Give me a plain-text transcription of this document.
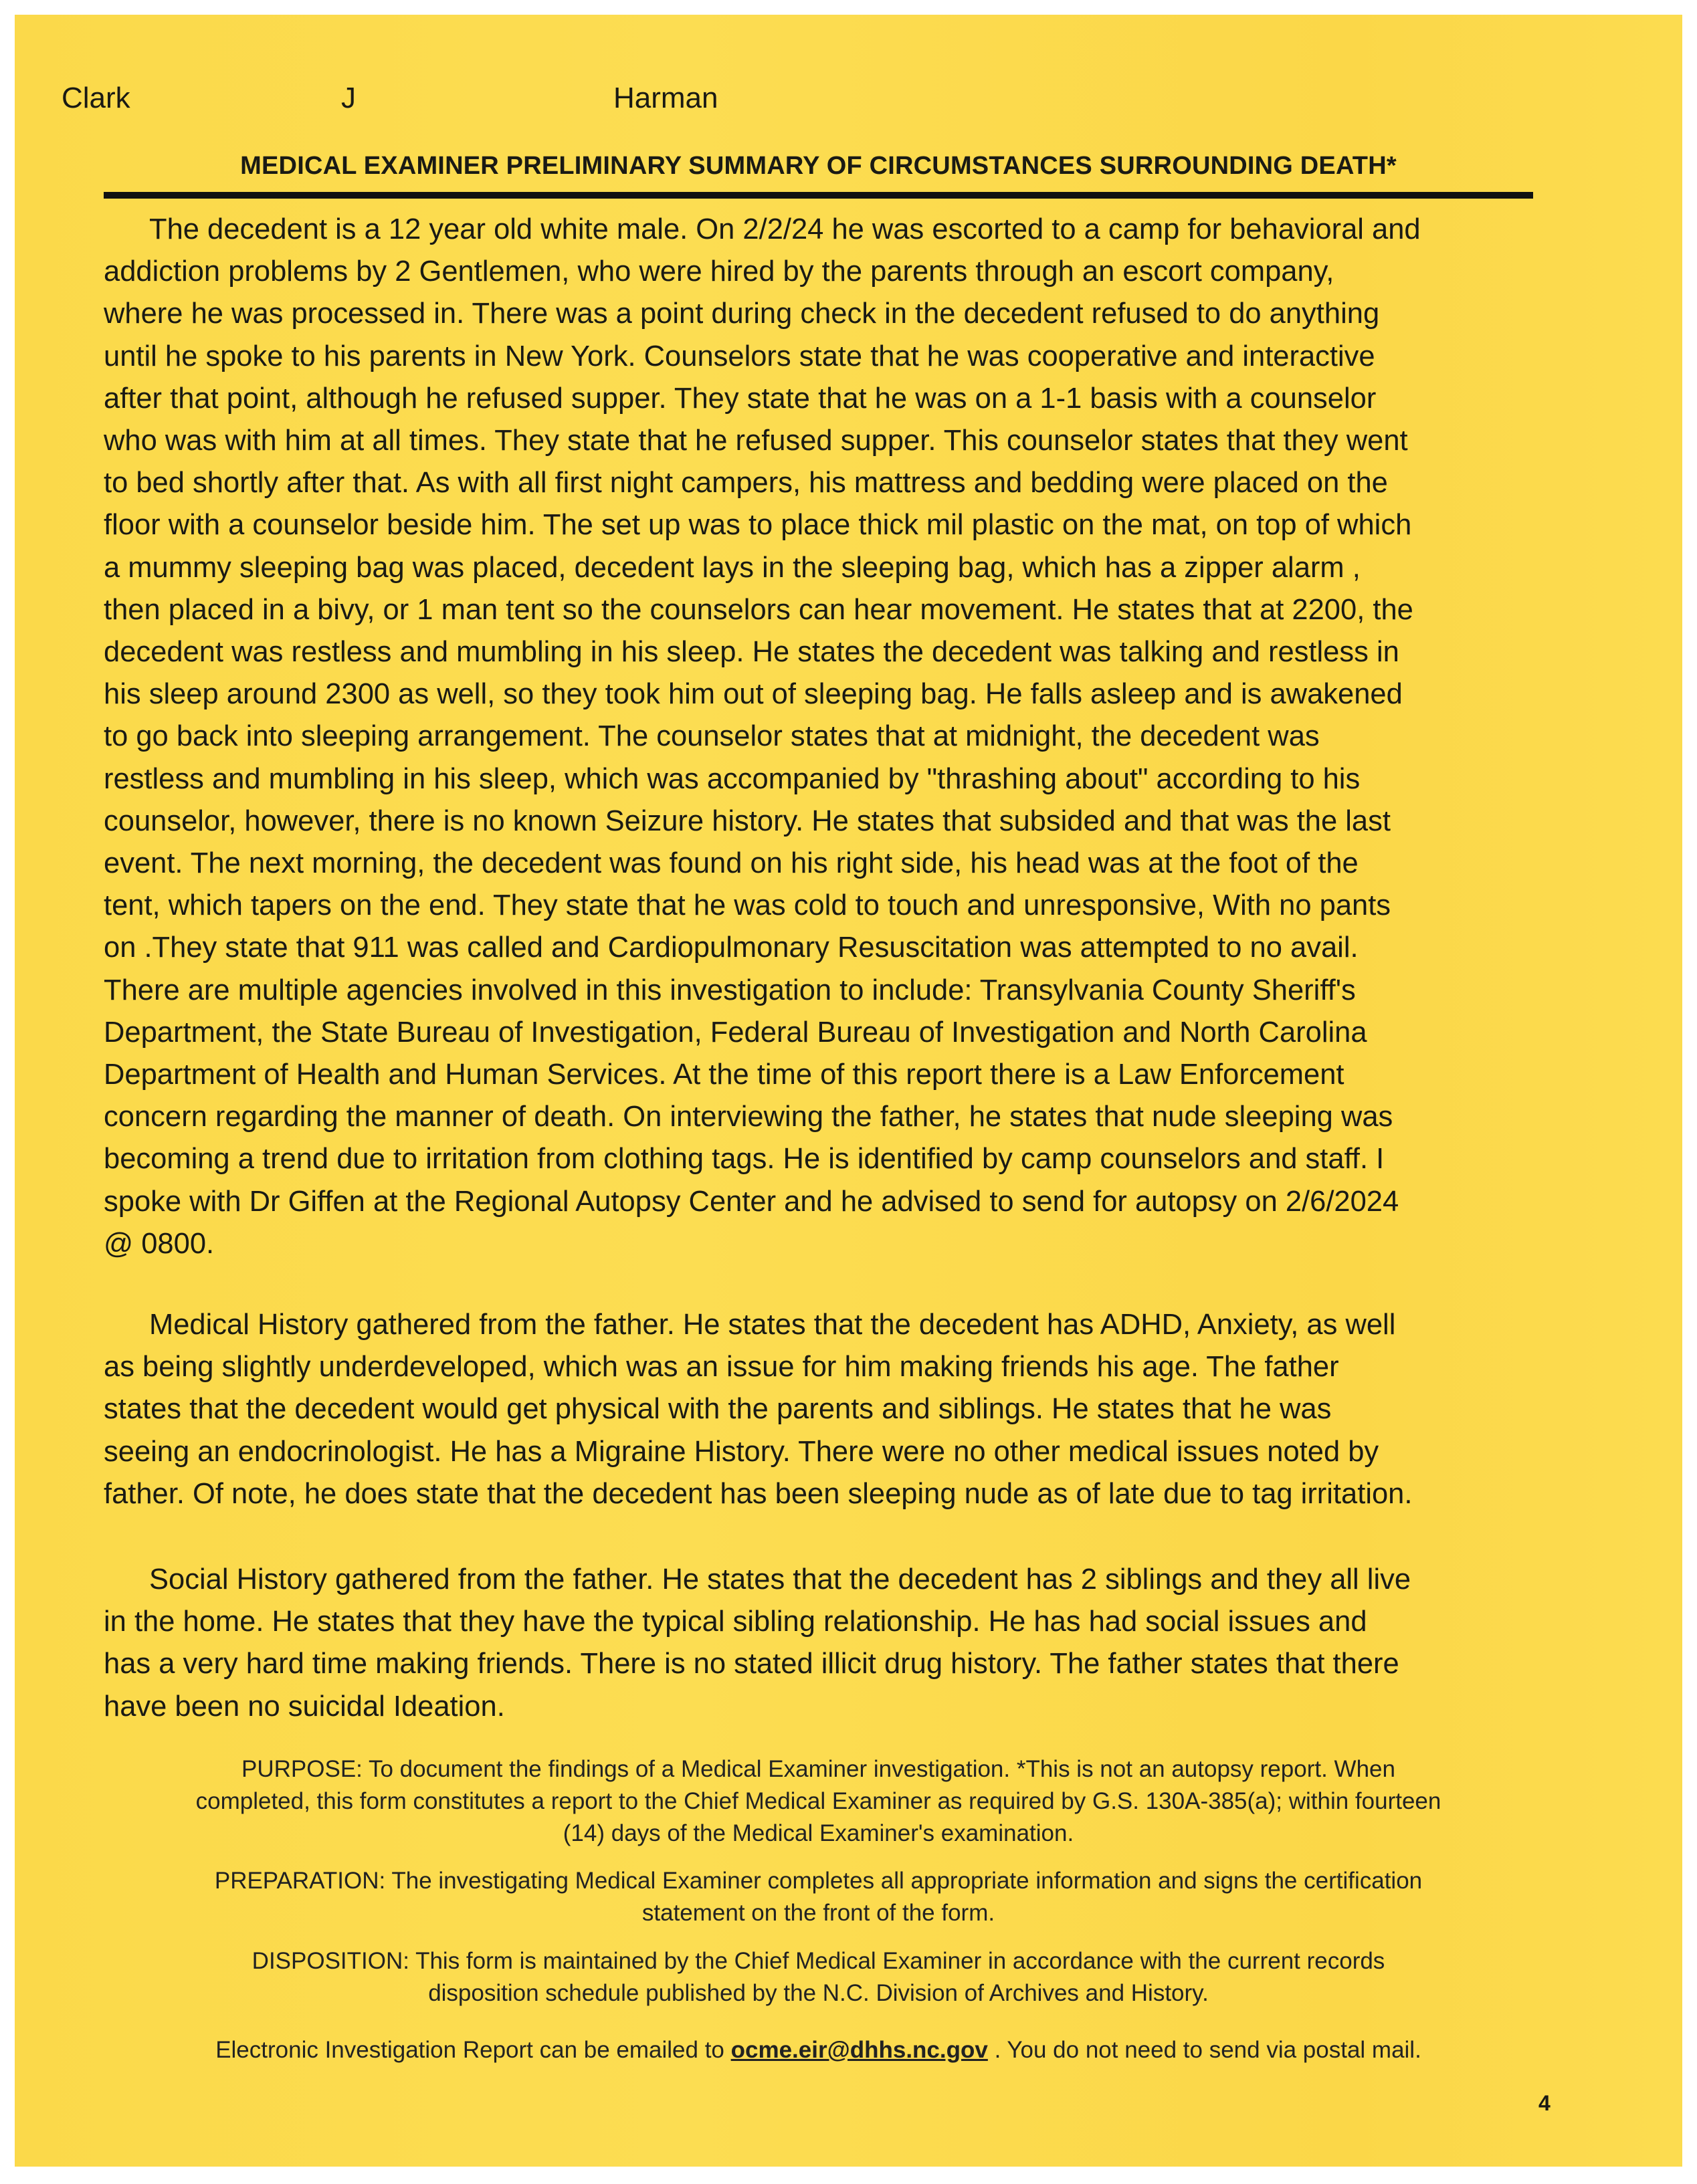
Clark	J	Harman
MEDICAL EXAMINER PRELIMINARY SUMMARY OF CIRCUMSTANCES SURROUNDING DEATH*
The decedent is a 12 year old white male. On 2/2/24 he was escorted to a camp for behavioral and
addiction problems by 2 Gentlemen, who were hired by the parents through an escort company,
where he was processed in. There was a point during check in the decedent refused to do anything
until he spoke to his parents in New York. Counselors state that he was cooperative and interactive
after that point, although he refused supper. They state that he was on a 1-1 basis with a counselor
who was with him at all times. They state that he refused supper. This counselor states that they went
to bed shortly after that. As with all first night campers, his mattress and bedding were placed on the
floor with a counselor beside him. The set up was to place thick mil plastic on the mat, on top of which
a mummy sleeping bag was placed, decedent lays in the sleeping bag, which has a zipper alarm ,
then placed in a bivy, or 1 man tent so the counselors can hear movement. He states that at 2200, the
decedent was restless and mumbling in his sleep. He states the decedent was talking and restless in
his sleep around 2300 as well, so they took him out of sleeping bag. He falls asleep and is awakened
to go back into sleeping arrangement. The counselor states that at midnight, the decedent was
restless and mumbling in his sleep, which was accompanied by "thrashing about" according to his
counselor, however, there is no known Seizure history. He states that subsided and that was the last
event. The next morning, the decedent was found on his right side, his head was at the foot of the
tent, which tapers on the end. They state that he was cold to touch and unresponsive, With no pants
on .They state that 911 was called and Cardiopulmonary Resuscitation was attempted to no avail.
There are multiple agencies involved in this investigation to include: Transylvania County Sheriff's
Department, the State Bureau of Investigation, Federal Bureau of Investigation and North Carolina
Department of Health and Human Services. At the time of this report there is a Law Enforcement
concern regarding the manner of death. On interviewing the father, he states that nude sleeping was
becoming a trend due to irritation from clothing tags. He is identified by camp counselors and staff. I
spoke with Dr Giffen at the Regional Autopsy Center and he advised to send for autopsy on 2/6/2024
@ 0800.
Medical History gathered from the father. He states that the decedent has ADHD, Anxiety, as well
as being slightly underdeveloped, which was an issue for him making friends his age. The father
states that the decedent would get physical with the parents and siblings. He states that he was
seeing an endocrinologist. He has a Migraine History. There were no other medical issues noted by
father. Of note, he does state that the decedent has been sleeping nude as of late due to tag irritation.
Social History gathered from the father. He states that the decedent has 2 siblings and they all live
in the home. He states that they have the typical sibling relationship. He has had social issues and
has a very hard time making friends. There is no stated illicit drug history. The father states that there
have been no suicidal Ideation.
PURPOSE: To document the findings of a Medical Examiner investigation. *This is not an autopsy report. When
completed, this form constitutes a report to the Chief Medical Examiner as required by G.S. 130A-385(a); within fourteen
(14) days of the Medical Examiner's examination.
PREPARATION: The investigating Medical Examiner completes all appropriate information and signs the certification
statement on the front of the form.
DISPOSITION: This form is maintained by the Chief Medical Examiner in accordance with the current records
disposition schedule published by the N.C. Division of Archives and History.
Electronic Investigation Report can be emailed to ocme.eir@dhhs.nc.gov . You do not need to send via postal mail.
4
